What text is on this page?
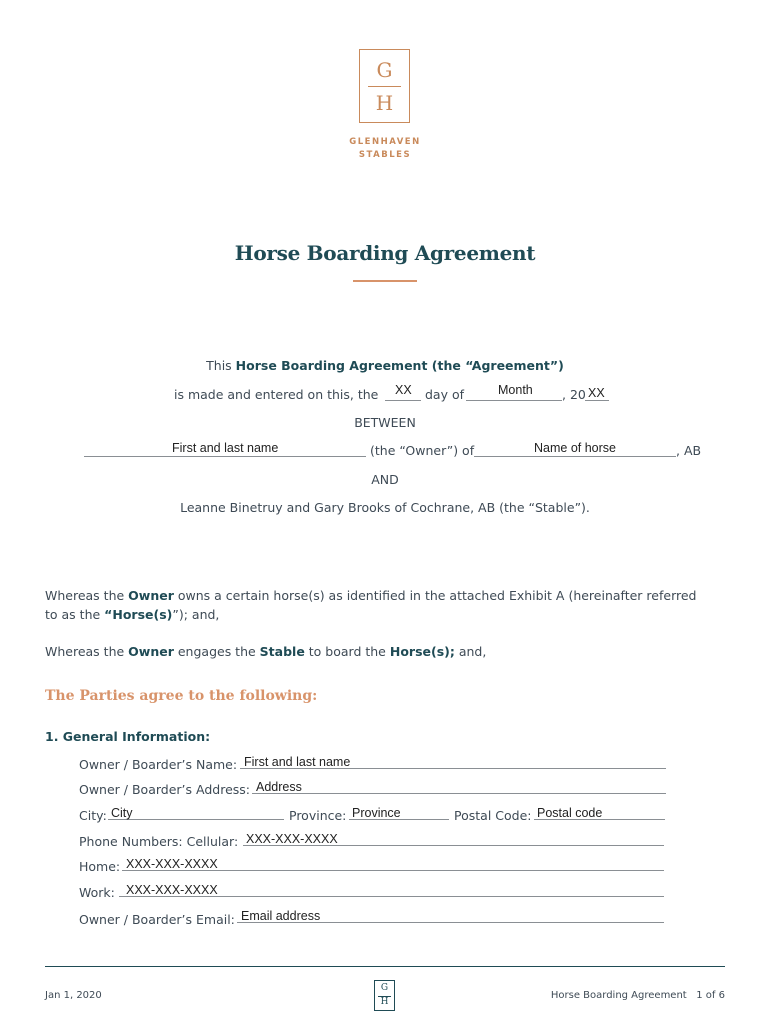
G
H
GLENHAVEN
STABLES
Horse Boarding Agreement
This Horse Boarding Agreement (the “Agreement”)
is made and entered on this, the XX day of	Month , 20 XX
BETWEEN
First and last name	(the “Owner”) of	Name of horse	, AB
AND
Leanne Binetruy and Gary Brooks of Cochrane, AB (the “Stable”).
Whereas the Owner owns a certain horse(s) as identified in the attached Exhibit A (hereinafter referred
to as the “Horse(s)”); and,
Whereas the Owner engages the Stable to board the Horse(s); and,
The Parties agree to the following:
1. General Information:
Owner / Boarder’s Name: First and last name
Owner / Boarder’s Address: Address
City: City	Province: Province	Postal Code: Postal code
Phone Numbers: Cellular: XXX-XXX-XXXX
Home: XXX-XXX-XXXX
Work: XXX-XXX-XXXX
Owner / Boarder’s Email: Email address
Jan 1, 2020
G
H
Horse Boarding Agreement 1 of 6
